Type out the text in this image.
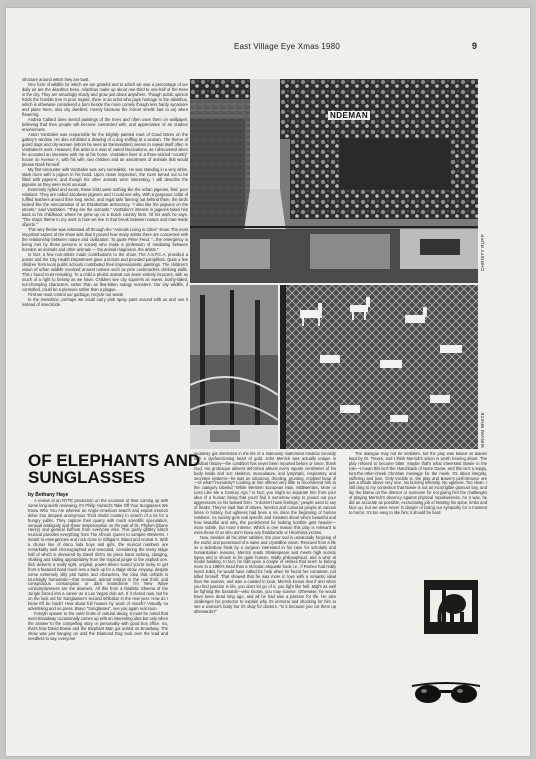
East Village Eye Xmas 1980	9

structure around which they are built.

One form of wildlife for which we are grateful and to which we owe a percentage of our daily air are the ailanthus trees. Ailanthus make up about one-third to one-half of the trees in the city. They are amazingly sturdy and grow just about anywhere. Though public opinion holds the humble tree in poor regard, there is an artist who pays homage to the ailanthus, which is otherwise considered a bum beside the more comely though less hardy sycamore and plane trees, also city dwellers; merely because the former smells bad to us) when flowering.

Andrea Callard does stencil paintings of the trees and often uses them on wallpaper, believing that then people will become connected with, and appreciative of an outdoor environment.

Anton VonDalen was responsible for the brightly painted rows of Good Dares on the gallery's window. He also exhibited a drawing of a dog sniffing at a woman. The theme of guard dogs and city women (whom he sees as transvestites) seems to repeat itself often in VonDalen's work. However, this artist is a man of varied fascinations, as I discovered when he accepted an interview with me at his home. VonDalen lives in a three-storied "country" house on Avenue A, with his wife, two children and an assortment of animals that would please Noah himself.

My first encounter with VonDalen was very surrealistic. He was standing in a very white, stark room with a pigeon in his hand. Upon closer inspection, the room turned out to be filled with pigeons, and though his other animals were interesting, I will describe the pigeons as they were most unusual.

Extremely hybrid and exotic, these birds were nothing like the urban pigeons, their poor relations. They are called Jacobean pigeons and I could see why. With a gorgeous collar of ruffled feathers around their long necks, and regal tails fanning out behind them, the birds looked like the reincarnation of an Elizabethan aristocracy. "I also like the pigeons on the streets," said VonDalen. "They are the outcasts." VonDalen's interest in pigeons takes him back to his childhood, where he grew up on a Dutch country farm. Of his work he says, "The major theme in my work is how we live in that break between nature and man-made objects."

This very theme was reiterated all through the "Animals Living in Cities" show. The most important aspect of the show was that it proved how many artists there are concerned with the relationship between nature and civilization. To quote Peter Fend: "...the emergency is being met by those persons in society who make a profession of mediating between humans as animals and other animals — the animal magicians, the artists."

In fact, a few non-artists made contributions to the show. The A.S.P.C.A. provided a poster and the City Health Department gave a lecture and provided pamphlets. Quite a few children from local public schools contributed their impressionistic paintings. The children's vision of urban wildlife revolved around notions such as pine cockroaches climbing walls. This I found most revealing. To a child a phobic animal can seem entirely innocent, with as much of a right to belong as we have. Children see city squirrels as sweet, bushy-tailed, nut-chomping characters, rather than as flea-bitten mangy monsters. Our city wildlife, if controlled, could be a pleasure rather than a plague.

First we must control our garbage, recycle our waste.

In the meantime, perhaps we could carry pink spray paint around with us and use it instead of insecticide.

NDEMAN
CHRISTY RUPP
MIRIAM WHITE
OF ELEPHANTS AND SUNGLASSES
by Bethany Haye

A review of an NYTE production on the occasion of their coming up with some long-worth reviewing. It's Philip Hazard's Take Off Your Sunglasses We Know Who You Are wherein an Anglo-American search and exploit mission delve into deepest anonymous Third World country in search of a kit for a hungry public. They capture their quarry with much scientific speculation, sensual ambiguity and sheer misperception on the part of Dr. Phylum (Diane Henry) and general buffoon from everyone else. This goofy glittery kitsch musical parodies everything from The African Queen to vampire Westerns. I meant to emergencies and rock close to Gilligan's Island and Animal X. With a chorus line of disco hula boys and girls, the musical numbers are remarkably well choreographed and executed, considering the teeny stage half of which is devoured by David Ilich's six piece band rocking, clanging, shaking and sliding appropriately from the tropical jungle to the asphalt one. Ilich delivers a really tight, original, power-driven sound you're lucky to get from a featured band much less a back up for a stage show. Anyway, despite some extremely silly plot twists and characters, the idea that unfolds is touchingly humanistic—that sensual, animal instinct is the real thrill, and conspicuous consumption or darn knowchime I'm New Wave consumptiveness are the downers. All this from a fatalistic Sheena of the Jungle forced into a career as a Las Vegas club act. If it closed now, but be on the look out for Sunglasses's second inhibition in the new year. How do I know it'll be back? How about full houses by word of mouth? Virtually no advertising and no press. Bravo "Sunglasses", see you again real soon.

Forsyth uptown to the outer limits of cultural decay, it must be noted that even Broadway occasionally comes up with an interesting idea but only when the answer to the compelling story or personality with good box office. So, that's how David Bowie and the Elephant Man got united on Broadway. The show was just hanging on until the Diamond Dog took over the lead and needless to say, everyone

suddenly got interested in the life of a hideously malformed medical curiosity with a dysfunctioning heart of gold. John Merrick was actually unique in medical history—the condition has never been reported before or since, thank God. His grotesque ailment deformed almost every square centimeter of his body inside and out: skeleton, musculature, and lymphatic, respiratory, and secretive systems—he was an odourous, drooling, grunting, crippled heap of—of what? Humanity? Looking at him offered very little to recommend him to the category labeled "White Western European Man, Midtwenties, More or Less Like Me a Century Ago." In fact, you might so separate him from your idea of a human being that you'd find it somehow easy to pound out your aggressions on his twisted form. "It doesn't have feelings," people used to say of freaks. They've said that of slaves, heretics and coloured people at various times in history, but ugliness had been a sin since the beginning of human relations. As society gets real specific and insistent about who's beautiful and how beautiful and why, the punishment for looking horrible gets heavier—more subtle, but more intense. Which is one reason this play is relevant to even those of us who don't know any thalidomide or Hiroshima victims.

Now, besides all his other oddities, the poor sod is unnaturally forgiving of the world, and possessed of a naive and crystalline vision. Rescued from a life as a sideshow freak by a surgeon interested in his case for scholarly and humanitarian reasons, Merrick reads Shakespeare and meets high society types and is shown to be quite human, mildly philosophical, and a whiz at model building. In fact, he falls upon a couple of verities that seem to belong more to a 1980's head than a Victorian etiquette book i.e., if Romeo had really loved Juliet, he would have called for help when he found her comatose, not killed himself. That showed that he was more in love with a romantic ideal than the woman, and was a coward to boot. Merrick knows that if and when you find passion in life, you don't let go of it, you fight like hell. Might as well be fighting the bastards—who knows, you may survive. Otherwise, he would have been dead long ago, and all he had was a passion for life. He also challenges his protector to explain why it's immoral and shocking for him to see a woman's body but it's okay for doctors. "Is it because you cut them up afterwards?"

The dialogue may not be verbatim, but the play was based on diaries kept by Dr. Treves, and I think Merrick's vision is worth hearing about. The play refused to become bitter. Maybe that's what interested Bowie in the role—I mean this isn't the Hunchback of Notre Dame, and this isn't a soppy, turn-the-other-cheek Christian message for the meek. It's about integrity, suffering and love. Only trouble is, the play and Bowie's performance are just a shade above very nice. No burning intensity. No ugliness. Too clean. I still cling to my contention that Bowie is not an incorrigible glamour boy, and lay the blame on the director or someone for not giving him the challenges of playing Merrick's decency against physical repulsiveness. As it was, he did an accurate as possible, excruciating job of twisting his spine, limbs and face up, but we were never in danger of losing our sympathy for a moment to horror. It's too easy to like him; it should be hard.
